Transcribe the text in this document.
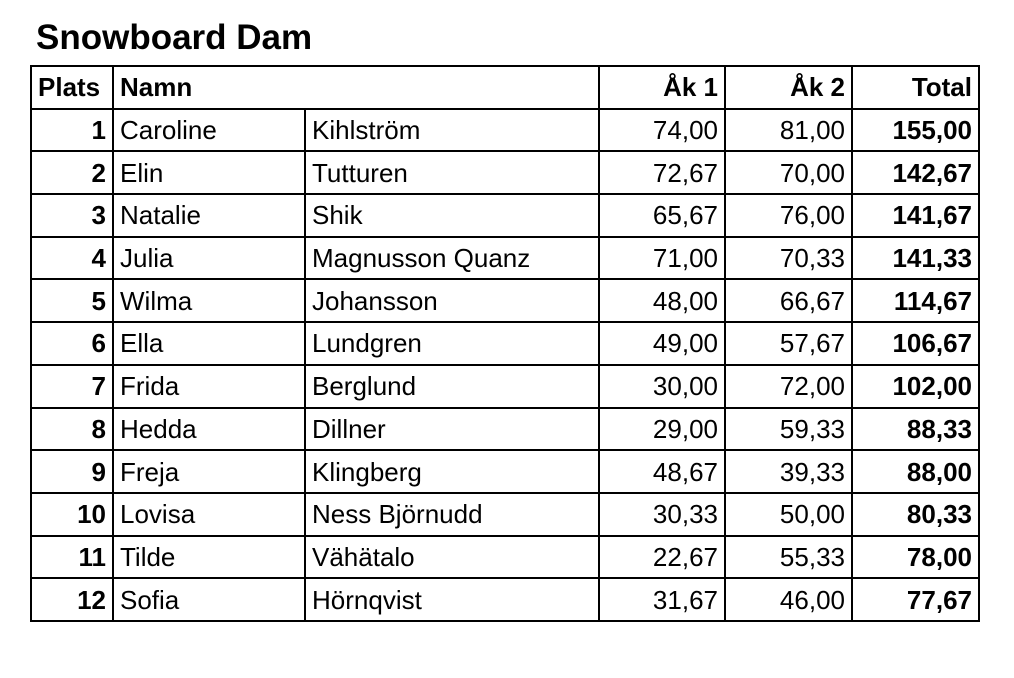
Snowboard Dam
Plats	Namn		Åk 1	Åk 2	Total
1	Caroline	Kihlström	74,00	81,00	155,00
2	Elin	Tutturen	72,67	70,00	142,67
3	Natalie	Shik	65,67	76,00	141,67
4	Julia	Magnusson Quanz	71,00	70,33	141,33
5	Wilma	Johansson	48,00	66,67	114,67
6	Ella	Lundgren	49,00	57,67	106,67
7	Frida	Berglund	30,00	72,00	102,00
8	Hedda	Dillner	29,00	59,33	88,33
9	Freja	Klingberg	48,67	39,33	88,00
10	Lovisa	Ness Björnudd	30,33	50,00	80,33
11	Tilde	Vähätalo	22,67	55,33	78,00
12	Sofia	Hörnqvist	31,67	46,00	77,67
